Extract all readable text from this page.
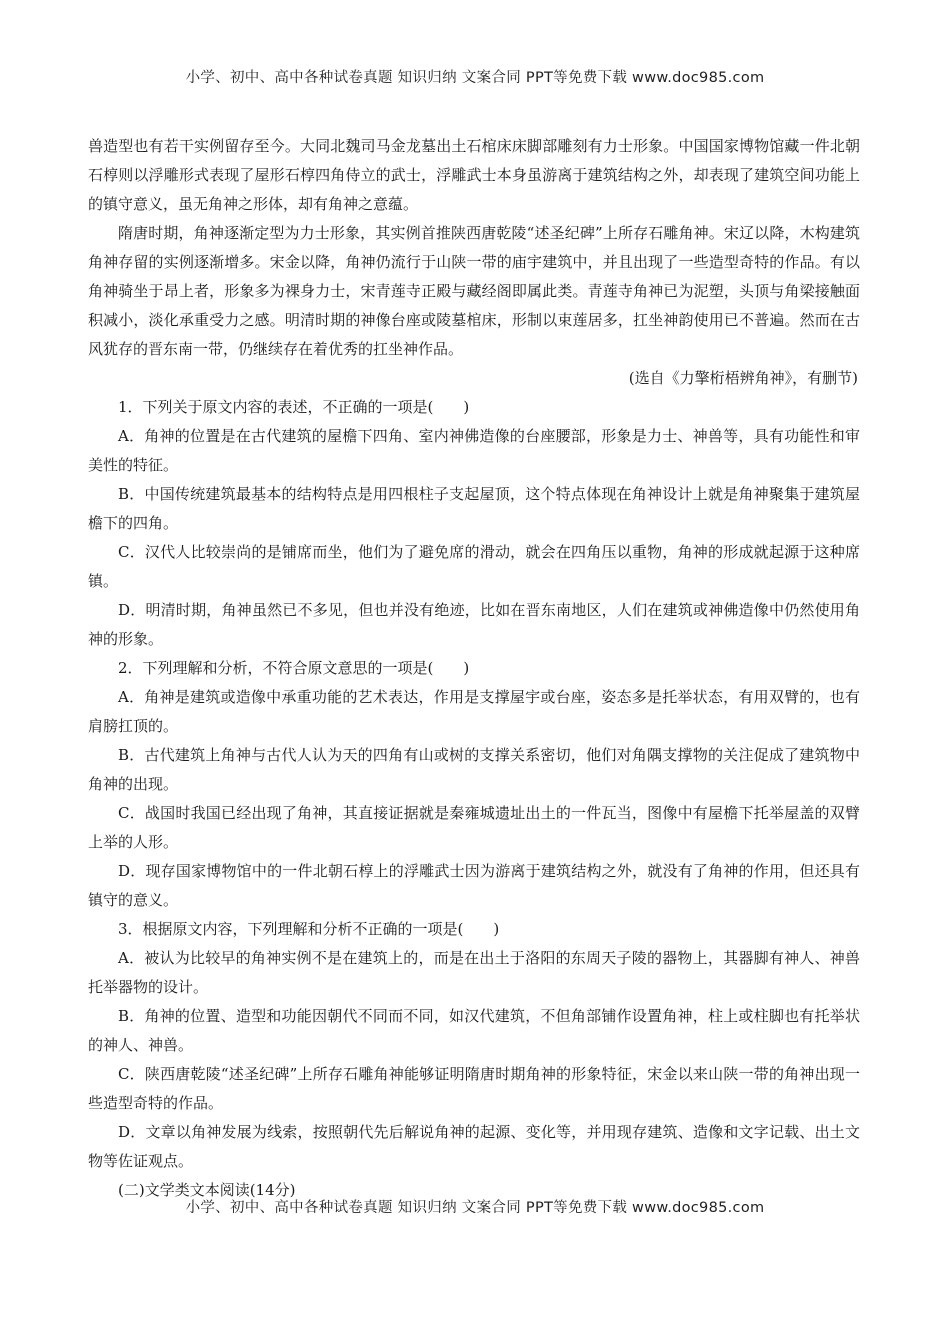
小学、初中、高中各种试卷真题 知识归纳 文案合同 PPT等免费下载 www.doc985.com

兽造型也有若干实例留存至今。大同北魏司马金龙墓出土石棺床床脚部雕刻有力士形象。中国国家博物馆藏一件北朝石椁则以浮雕形式表现了屋形石椁四角侍立的武士，浮雕武士本身虽游离于建筑结构之外，却表现了建筑空间功能上的镇守意义，虽无角神之形体，却有角神之意蕴。

隋唐时期，角神逐渐定型为力士形象，其实例首推陕西唐乾陵“述圣纪碑”上所存石雕角神。宋辽以降，木构建筑角神存留的实例逐渐增多。宋金以降，角神仍流行于山陕一带的庙宇建筑中，并且出现了一些造型奇特的作品。有以角神骑坐于昂上者，形象多为裸身力士，宋青莲寺正殿与藏经阁即属此类。青莲寺角神已为泥塑，头顶与角梁接触面积减小，淡化承重受力之感。明清时期的神像台座或陵墓棺床，形制以束莲居多，扛坐神韵使用已不普遍。然而在古风犹存的晋东南一带，仍继续存在着优秀的扛坐神作品。

(选自《力擎桁梧辨角神》，有删节)

1．下列关于原文内容的表述，不正确的一项是(　　)

A．角神的位置是在古代建筑的屋檐下四角、室内神佛造像的台座腰部，形象是力士、神兽等，具有功能性和审美性的特征。

B．中国传统建筑最基本的结构特点是用四根柱子支起屋顶，这个特点体现在角神设计上就是角神聚集于建筑屋檐下的四角。

C．汉代人比较崇尚的是铺席而坐，他们为了避免席的滑动，就会在四角压以重物，角神的形成就起源于这种席镇。

D．明清时期，角神虽然已不多见，但也并没有绝迹，比如在晋东南地区，人们在建筑或神佛造像中仍然使用角神的形象。

2．下列理解和分析，不符合原文意思的一项是(　　)

A．角神是建筑或造像中承重功能的艺术表达，作用是支撑屋宇或台座，姿态多是托举状态，有用双臂的，也有肩膀扛顶的。

B．古代建筑上角神与古代人认为天的四角有山或树的支撑关系密切，他们对角隅支撑物的关注促成了建筑物中角神的出现。

C．战国时我国已经出现了角神，其直接证据就是秦雍城遗址出土的一件瓦当，图像中有屋檐下托举屋盖的双臂上举的人形。

D．现存国家博物馆中的一件北朝石椁上的浮雕武士因为游离于建筑结构之外，就没有了角神的作用，但还具有镇守的意义。

3．根据原文内容，下列理解和分析不正确的一项是(　　)

A．被认为比较早的角神实例不是在建筑上的，而是在出土于洛阳的东周天子陵的器物上，其器脚有神人、神兽托举器物的设计。

B．角神的位置、造型和功能因朝代不同而不同，如汉代建筑，不但角部铺作设置角神，柱上或柱脚也有托举状的神人、神兽。

C．陕西唐乾陵“述圣纪碑”上所存石雕角神能够证明隋唐时期角神的形象特征，宋金以来山陕一带的角神出现一些造型奇特的作品。

D．文章以角神发展为线索，按照朝代先后解说角神的起源、变化等，并用现存建筑、造像和文字记载、出土文物等佐证观点。

(二)文学类文本阅读(14分)

小学、初中、高中各种试卷真题 知识归纳 文案合同 PPT等免费下载 www.doc985.com
